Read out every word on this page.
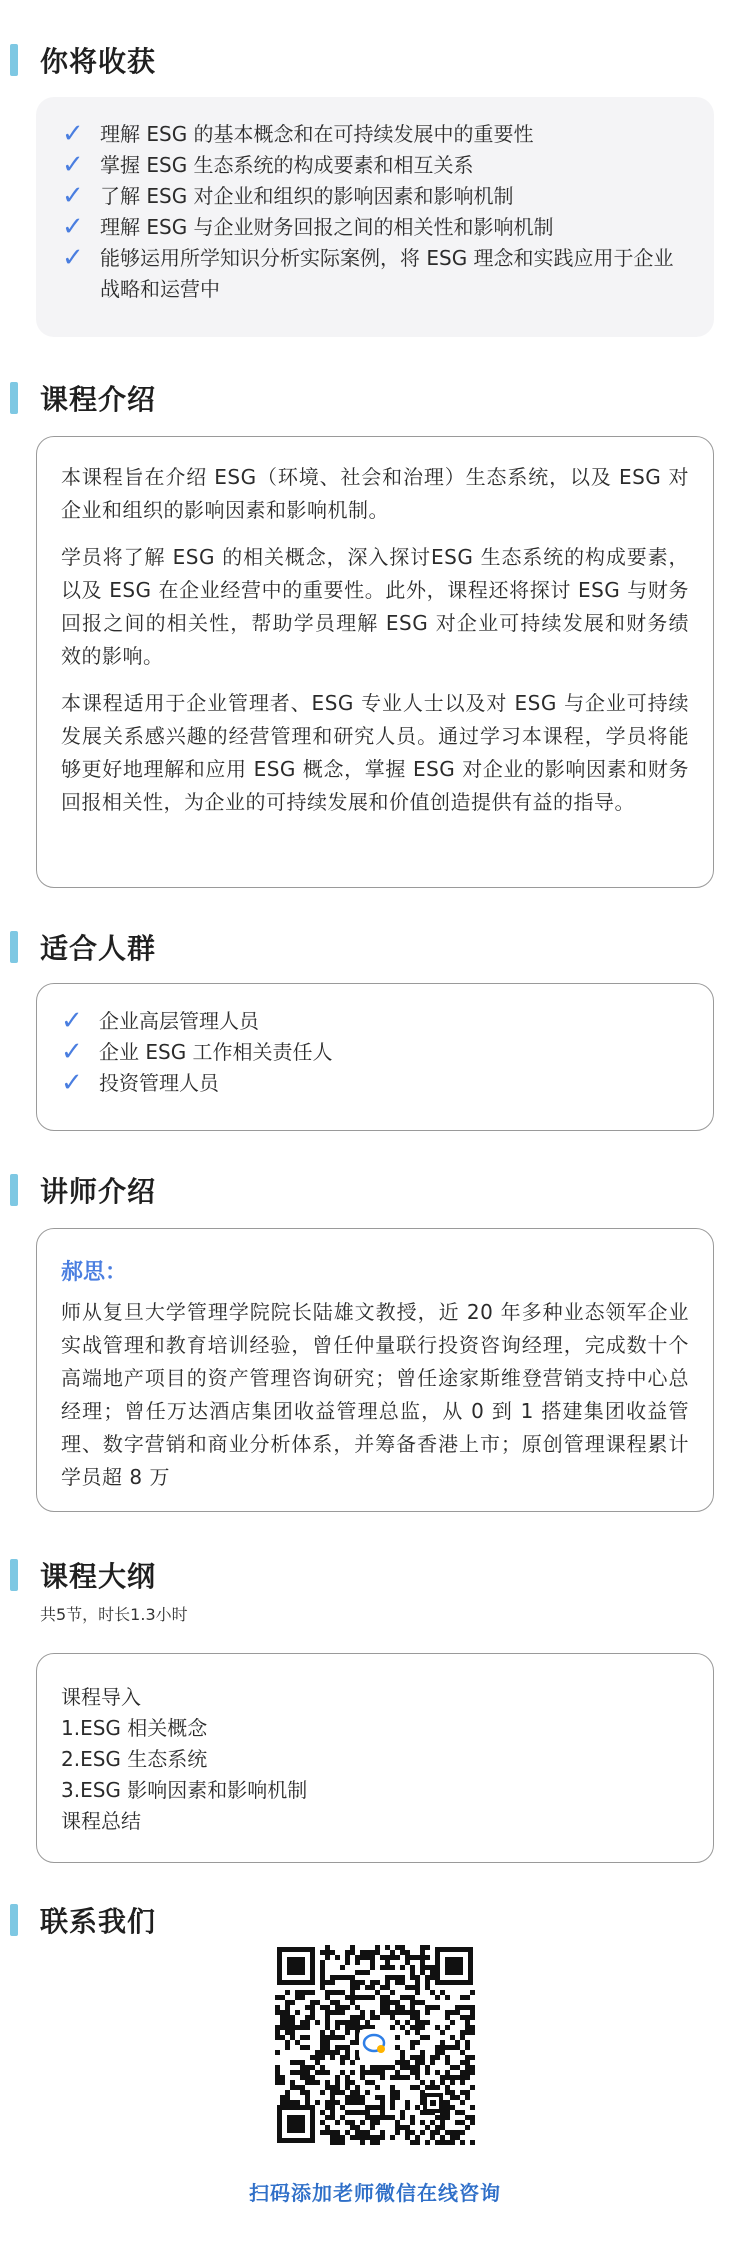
你将收获
✓ 理解 ESG 的基本概念和在可持续发展中的重要性
✓ 掌握 ESG 生态系统的构成要素和相互关系
✓ 了解 ESG 对企业和组织的影响因素和影响机制
✓ 理解 ESG 与企业财务回报之间的相关性和影响机制
✓ 能够运用所学知识分析实际案例，将 ESG 理念和实践应用于企业战略和运营中
课程介绍

本课程旨在介绍 ESG（环境、社会和治理）生态系统，以及 ESG 对企业和组织的影响因素和影响机制。

学员将了解 ESG 的相关概念，深入探讨ESG 生态系统的构成要素，以及 ESG 在企业经营中的重要性。此外，课程还将探讨 ESG 与财务回报之间的相关性，帮助学员理解 ESG 对企业可持续发展和财务绩效的影响。

本课程适用于企业管理者、ESG 专业人士以及对 ESG 与企业可持续发展关系感兴趣的经营管理和研究人员。通过学习本课程，学员将能够更好地理解和应用 ESG 概念，掌握 ESG 对企业的影响因素和财务回报相关性，为企业的可持续发展和价值创造提供有益的指导。

适合人群
✓ 企业高层管理人员
✓ 企业 ESG 工作相关责任人
✓ 投资管理人员
讲师介绍

郝思：

师从复旦大学管理学院院长陆雄文教授，近 20 年多种业态领军企业实战管理和教育培训经验，曾任仲量联行投资咨询经理，完成数十个高端地产项目的资产管理咨询研究；曾任途家斯维登营销支持中心总经理；曾任万达酒店集团收益管理总监，从 0 到 1 搭建集团收益管理、数字营销和商业分析体系，并筹备香港上市；原创管理课程累计学员超 8 万

课程大纲
共5节，时长1.3小时
课程导入
1.ESG 相关概念
2.ESG 生态系统
3.ESG 影响因素和影响机制
课程总结
联系我们
扫码添加老师微信在线咨询
